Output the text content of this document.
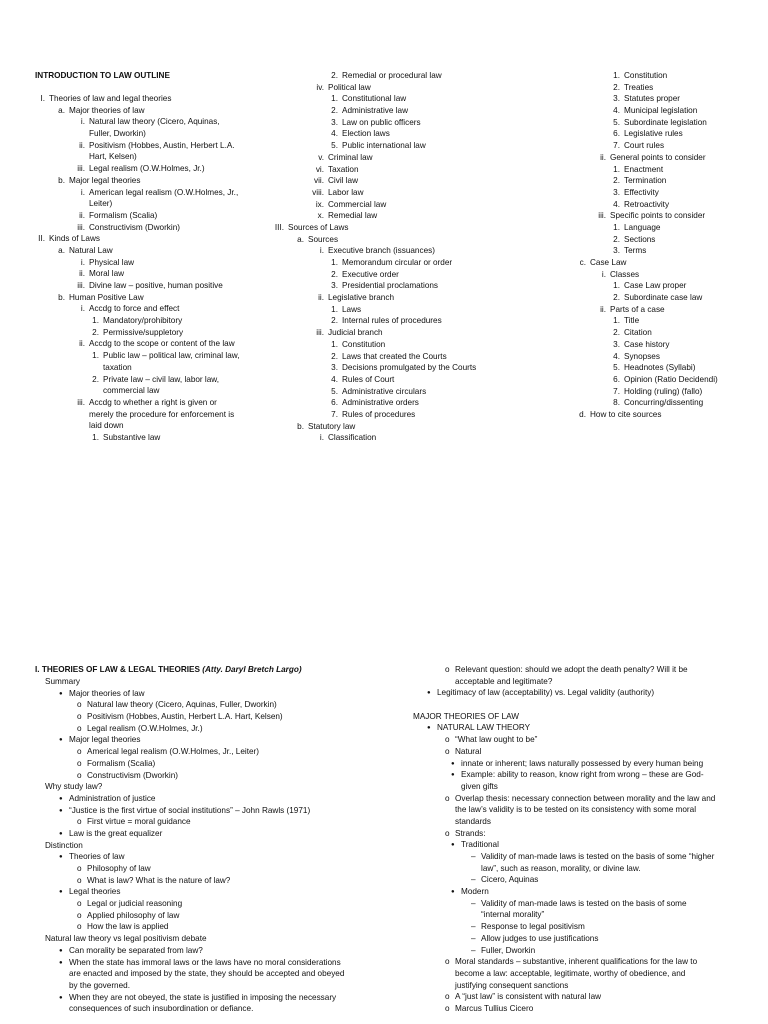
INTRODUCTION TO LAW OUTLINE
I. Theories of law and legal theories
a. Major theories of law
i. Natural law theory (Cicero, Aquinas,
Fuller, Dworkin)
ii. Positivism (Hobbes, Austin, Herbert L.A.
Hart, Kelsen)
iii. Legal realism (O.W.Holmes, Jr.)
b. Major legal theories
i. American legal realism (O.W.Holmes, Jr.,
Leiter)
ii. Formalism (Scalia)
iii. Constructivism (Dworkin)
II. Kinds of Laws
a. Natural Law
i. Physical law
ii. Moral law
iii. Divine law – positive, human positive
b. Human Positive Law
i. Accdg to force and effect
1. Mandatory/prohibitory
2. Permissive/suppletory
ii. Accdg to the scope or content of the law
1. Public law – political law, criminal law,
taxation
2. Private law – civil law, labor law,
commercial law
iii. Accdg to whether a right is given or
merely the procedure for enforcement is
laid down
1. Substantive law
2. Remedial or procedural law
iv. Political law
1. Constitutional law
2. Administrative law
3. Law on public officers
4. Election laws
5. Public international law
v. Criminal law
vi. Taxation
vii. Civil law
viii. Labor law
ix. Commercial law
x. Remedial law
III. Sources of Laws
a. Sources
i. Executive branch (issuances)
1. Memorandum circular or order
2. Executive order
3. Presidential proclamations
ii. Legislative branch
1. Laws
2. Internal rules of procedures
iii. Judicial branch
1. Constitution
2. Laws that created the Courts
3. Decisions promulgated by the Courts
4. Rules of Court
5. Administrative circulars
6. Administrative orders
7. Rules of procedures
b. Statutory law
i. Classification
1. Constitution
2. Treaties
3. Statutes proper
4. Municipal legislation
5. Subordinate legislation
6. Legislative rules
7. Court rules
ii. General points to consider
1. Enactment
2. Termination
3. Effectivity
4. Retroactivity
iii. Specific points to consider
1. Language
2. Sections
3. Terms
c. Case Law
i. Classes
1. Case Law proper
2. Subordinate case law
ii. Parts of a case
1. Title
2. Citation
3. Case history
4. Synopses
5. Headnotes (Syllabi)
6. Opinion (Ratio Decidendi)
7. Holding (ruling) (fallo)
8. Concurring/dissenting
d. How to cite sources
I. THEORIES OF LAW & LEGAL THEORIES (Atty. Daryl Bretch Largo)
Summary
● Major theories of law
o Natural law theory (Cicero, Aquinas, Fuller, Dworkin)
o Positivism (Hobbes, Austin, Herbert L.A. Hart, Kelsen)
o Legal realism (O.W.Holmes, Jr.)
● Major legal theories
o Americal legal realism (O.W.Holmes, Jr., Leiter)
o Formalism (Scalia)
o Constructivism (Dworkin)
Why study law?
● Administration of justice
● “Justice is the first virtue of social institutions” – John Rawls (1971)
o First virtue = moral guidance
● Law is the great equalizer
Distinction
● Theories of law
o Philosophy of law
o What is law? What is the nature of law?
● Legal theories
o Legal or judicial reasoning
o Applied philosophy of law
o How the law is applied
Natural law theory vs legal positivism debate
● Can morality be separated from law?
● When the state has immoral laws or the laws have no moral considerations
are enacted and imposed by the state, they should be accepted and obeyed
by the governed.
● When they are not obeyed, the state is justified in imposing the necessary
consequences of such insubordination or defiance.
o Relevant question: should we adopt the death penalty? Will it be
acceptable and legitimate?
● Legitimacy of law (acceptability) vs. Legal validity (authority)
MAJOR THEORIES OF LAW
● NATURAL LAW THEORY
o “What law ought to be”
o Natural
● innate or inherent; laws naturally possessed by every human being
● Example: ability to reason, know right from wrong – these are God-
given gifts
o Overlap thesis: necessary connection between morality and the law and
the law’s validity is to be tested on its consistency with some moral
standards
o Strands:
● Traditional
– Validity of man-made laws is tested on the basis of some “higher
law”, such as reason, morality, or divine law.
– Cicero, Aquinas
● Modern
– Validity of man-made laws is tested on the basis of some
“internal morality”
– Response to legal positivism
– Allow judges to use justifications
– Fuller, Dworkin
o Moral standards – substantive, inherent qualifications for the law to
become a law: acceptable, legitimate, worthy of obedience, and
justifying consequent sanctions
o A “just law” is consistent with natural law
o Marcus Tullius Cicero
